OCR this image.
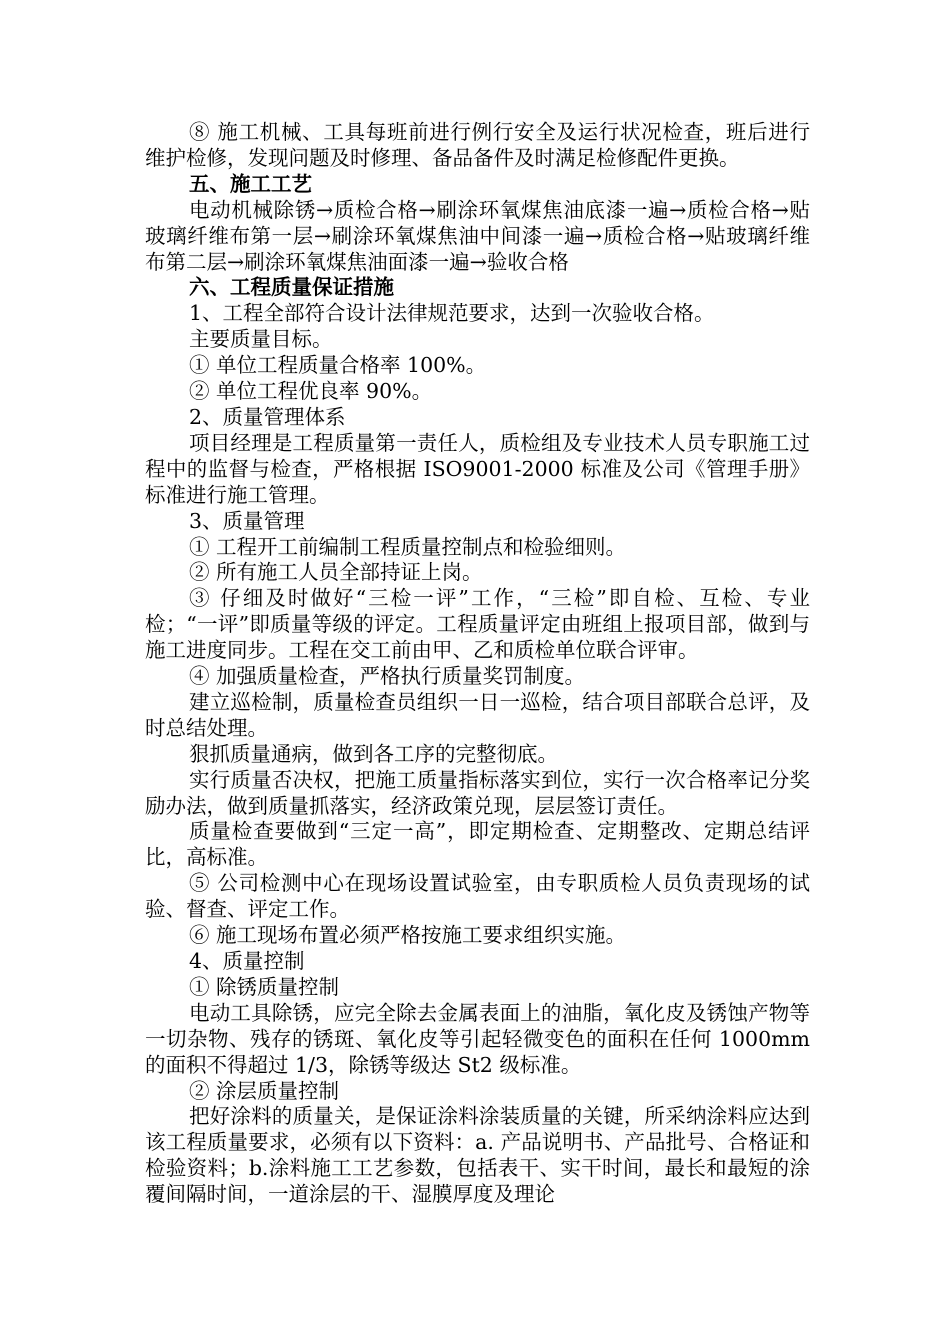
⑧ 施工机械、工具每班前进行例行安全及运行状况检查，班后进行维护检修，发现问题及时修理、备品备件及时满足检修配件更换。

五、施工工艺

电动机械除锈→质检合格→刷涂环氧煤焦油底漆一遍→质检合格→贴玻璃纤维布第一层→刷涂环氧煤焦油中间漆一遍→质检合格→贴玻璃纤维布第二层→刷涂环氧煤焦油面漆一遍→验收合格

六、工程质量保证措施

1、工程全部符合设计法律规范要求，达到一次验收合格。

主要质量目标。

① 单位工程质量合格率 100%。

② 单位工程优良率 90%。

2、质量管理体系

项目经理是工程质量第一责任人，质检组及专业技术人员专职施工过程中的监督与检查，严格根据 ISO9001-2000 标准及公司《管理手册》标准进行施工管理。

3、质量管理

① 工程开工前编制工程质量控制点和检验细则。

② 所有施工人员全部持证上岗。

③ 仔细及时做好“三检一评”工作，“三检”即自检、互检、专业检；“一评”即质量等级的评定。工程质量评定由班组上报项目部，做到与施工进度同步。工程在交工前由甲、乙和质检单位联合评审。

④ 加强质量检查，严格执行质量奖罚制度。

建立巡检制，质量检查员组织一日一巡检，结合项目部联合总评，及时总结处理。

狠抓质量通病，做到各工序的完整彻底。

实行质量否决权，把施工质量指标落实到位，实行一次合格率记分奖励办法，做到质量抓落实，经济政策兑现，层层签订责任。

质量检查要做到“三定一高”，即定期检查、定期整改、定期总结评比，高标准。

⑤ 公司检测中心在现场设置试验室，由专职质检人员负责现场的试验、督查、评定工作。

⑥ 施工现场布置必须严格按施工要求组织实施。

4、质量控制

① 除锈质量控制

电动工具除锈，应完全除去金属表面上的油脂，氧化皮及锈蚀产物等一切杂物、残存的锈斑、氧化皮等引起轻微变色的面积在任何 1000mm 的面积不得超过 1/3，除锈等级达 St2 级标准。

② 涂层质量控制

把好涂料的质量关，是保证涂料涂装质量的关键，所采纳涂料应达到该工程质量要求，必须有以下资料：a. 产品说明书、产品批号、合格证和检验资料；b.涂料施工工艺参数，包括表干、实干时间，最长和最短的涂覆间隔时间，一道涂层的干、湿膜厚度及理论
